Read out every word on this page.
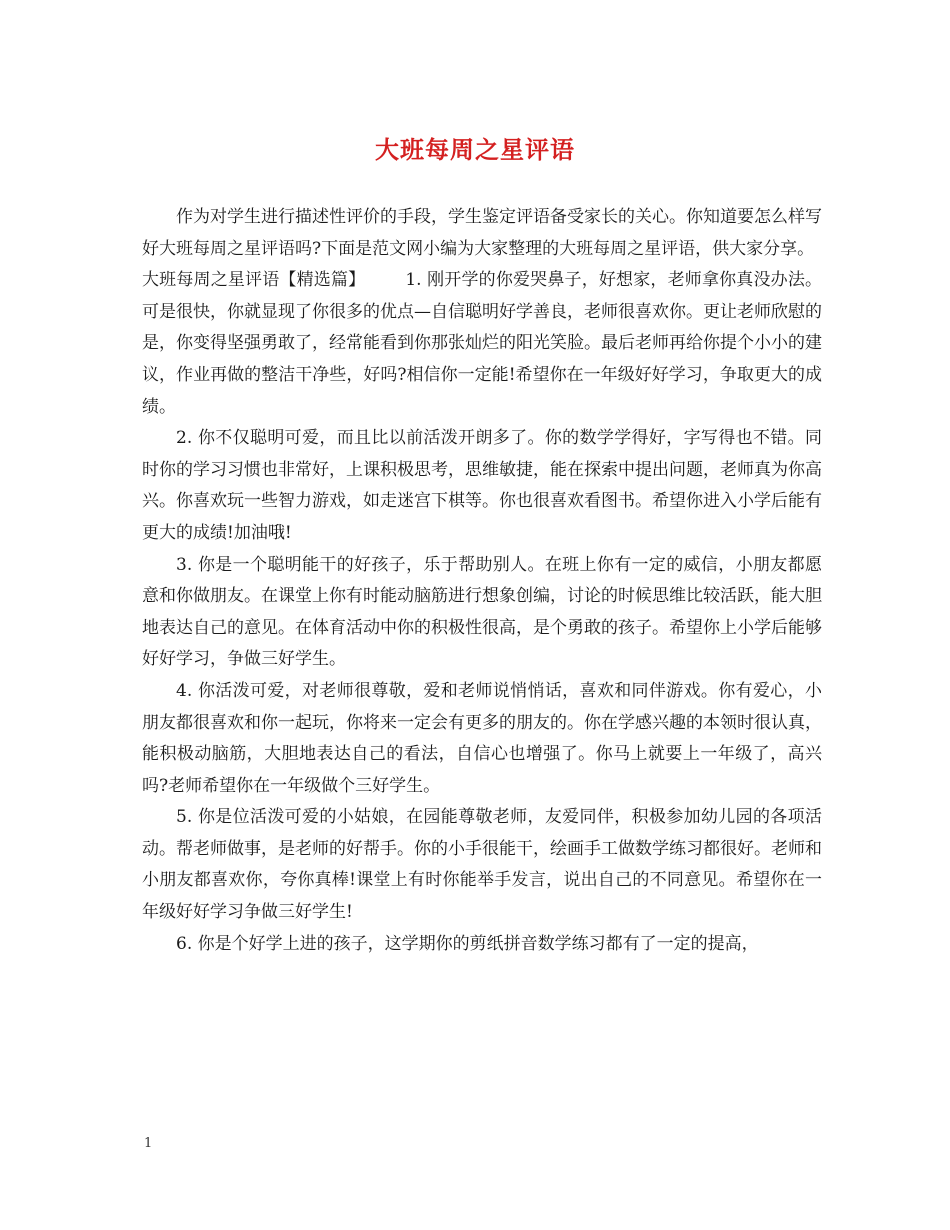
大班每周之星评语

作为对学生进行描述性评价的手段，学生鉴定评语备受家长的关心。你知道要怎么样写好大班每周之星评语吗?下面是范文网小编为大家整理的大班每周之星评语，供大家分享。

大班每周之星评语【精选篇】 1. 刚开学的你爱哭鼻子，好想家，老师拿你真没办法。可是很快，你就显现了你很多的优点—自信聪明好学善良，老师很喜欢你。更让老师欣慰的是，你变得坚强勇敢了，经常能看到你那张灿烂的阳光笑脸。最后老师再给你提个小小的建议，作业再做的整洁干净些，好吗?相信你一定能!希望你在一年级好好学习，争取更大的成绩。

2. 你不仅聪明可爱，而且比以前活泼开朗多了。你的数学学得好，字写得也不错。同时你的学习习惯也非常好，上课积极思考，思维敏捷，能在探索中提出问题，老师真为你高兴。你喜欢玩一些智力游戏，如走迷宫下棋等。你也很喜欢看图书。希望你进入小学后能有更大的成绩!加油哦!

3. 你是一个聪明能干的好孩子，乐于帮助别人。在班上你有一定的威信，小朋友都愿意和你做朋友。在课堂上你有时能动脑筋进行想象创编，讨论的时候思维比较活跃，能大胆地表达自己的意见。在体育活动中你的积极性很高，是个勇敢的孩子。希望你上小学后能够好好学习，争做三好学生。

4. 你活泼可爱，对老师很尊敬，爱和老师说悄悄话，喜欢和同伴游戏。你有爱心，小朋友都很喜欢和你一起玩，你将来一定会有更多的朋友的。你在学感兴趣的本领时很认真，能积极动脑筋，大胆地表达自己的看法，自信心也增强了。你马上就要上一年级了，高兴吗?老师希望你在一年级做个三好学生。

5. 你是位活泼可爱的小姑娘，在园能尊敬老师，友爱同伴，积极参加幼儿园的各项活动。帮老师做事，是老师的好帮手。你的小手很能干，绘画手工做数学练习都很好。老师和小朋友都喜欢你，夸你真棒!课堂上有时你能举手发言，说出自己的不同意见。希望你在一年级好好学习争做三好学生!

6. 你是个好学上进的孩子，这学期你的剪纸拼音数学练习都有了一定的提高，

1
